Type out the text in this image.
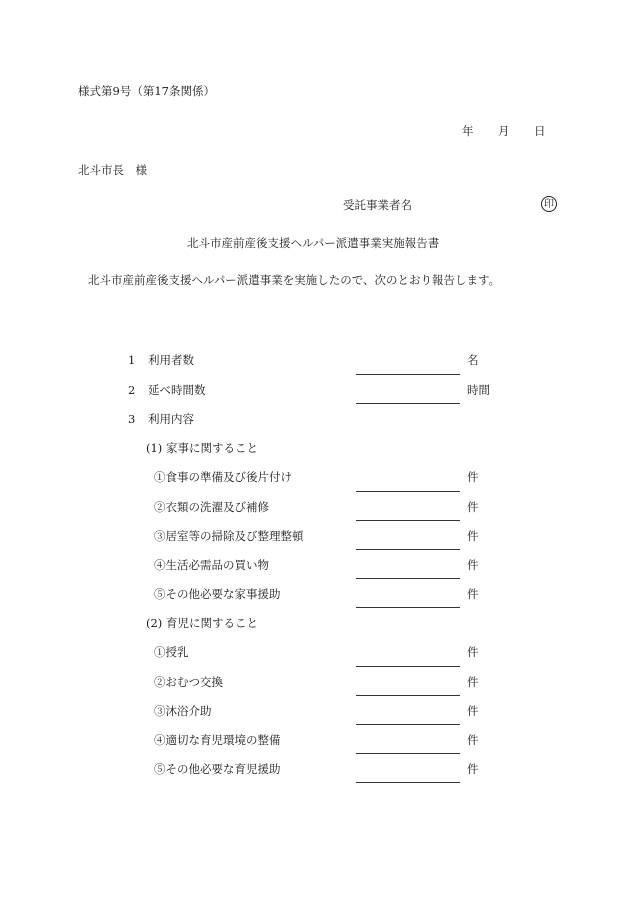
様式第9号（第17条関係）
年 月 日
北斗市長　様
受託事業者名	印
北斗市産前産後支援ヘルパー派遣事業実施報告書
北斗市産前産後支援ヘルパー派遣事業を実施したので、次のとおり報告します。
1 利用者数	名
2 延べ時間数	時間
3 利用内容
(1) 家事に関すること
①食事の準備及び後片付け	件
②衣類の洗濯及び補修	件
③居室等の掃除及び整理整頓	件
④生活必需品の買い物	件
⑤その他必要な家事援助	件
(2) 育児に関すること
①授乳	件
②おむつ交換	件
③沐浴介助	件
④適切な育児環境の整備	件
⑤その他必要な育児援助	件
